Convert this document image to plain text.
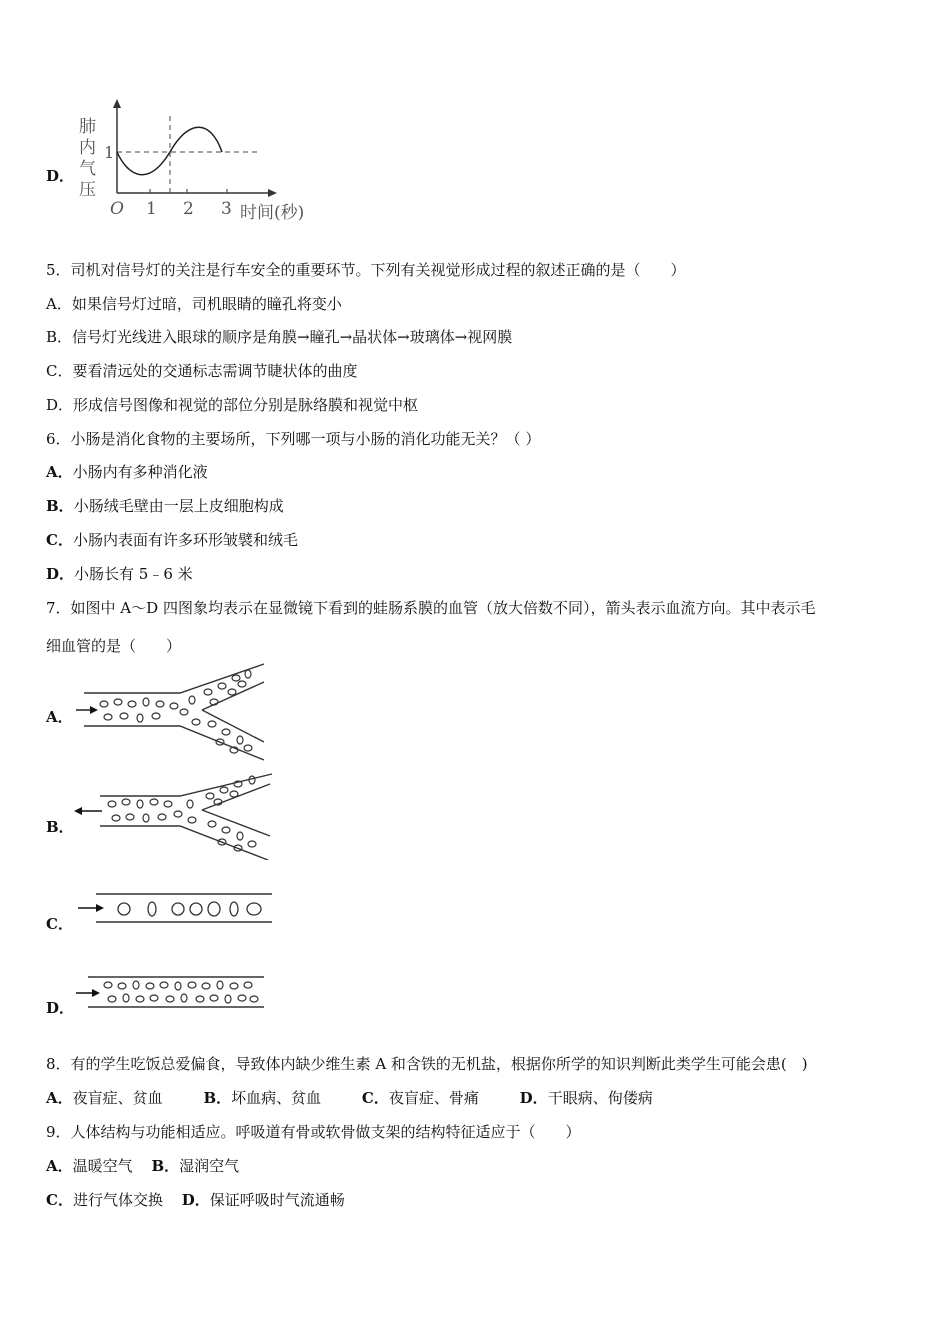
D．
肺
内
气
压
1
O 1 2 3 时间(秒)
5．司机对信号灯的关注是行车安全的重要环节。下列有关视觉形成过程的叙述正确的是（　　）
A．如果信号灯过暗，司机眼睛的瞳孔将变小
B．信号灯光线进入眼球的顺序是角膜→瞳孔→晶状体→玻璃体→视网膜
C．要看清远处的交通标志需调节睫状体的曲度
D．形成信号图像和视觉的部位分别是脉络膜和视觉中枢
6．小肠是消化食物的主要场所，下列哪一项与小肠的消化功能无关？（ ）
A．小肠内有多种消化液
B．小肠绒毛壁由一层上皮细胞构成
C．小肠内表面有许多环形皱襞和绒毛
D．小肠长有 5﹣6 米
7．如图中 A～D 四图象均表示在显微镜下看到的蛙肠系膜的血管（放大倍数不同），箭头表示血流方向。其中表示毛
细血管的是（　　）
A．
B．
C．
D．
8．有的学生吃饭总爱偏食，导致体内缺少维生素 A 和含铁的无机盐，根据你所学的知识判断此类学生可能会患(　)
A．夜盲症、贫血	B．坏血病、贫血	C．夜盲症、骨痛	D．干眼病、佝偻病
9．人体结构与功能相适应。呼吸道有骨或软骨做支架的结构特征适应于（　　）
A．温暖空气 B．湿润空气
C．进行气体交换 D．保证呼吸时气流通畅
